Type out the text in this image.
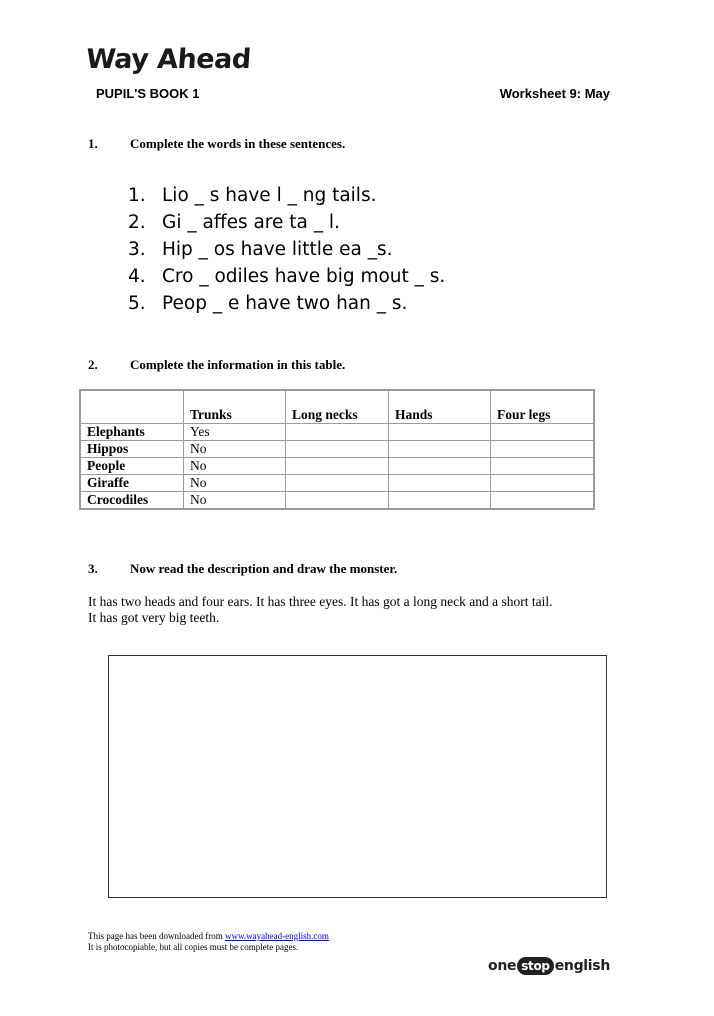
Way Ahead
PUPIL'S BOOK 1	Worksheet 9: May
1. Complete the words in these sentences.
1. Lio _ s have l _ ng tails.
2. Gi _ affes are ta _ l.
3. Hip _ os have little ea _s.
4. Cro _ odiles have big mout _ s.
5. Peop _ e have two han _ s.
2. Complete the information in this table.
	Trunks	Long necks	Hands	Four legs
Elephants	Yes			
Hippos	No			
People	No			
Giraffe	No			
Crocodiles	No			
3. Now read the description and draw the monster.
It has two heads and four ears. It has three eyes. It has got a long neck and a short tail.
It has got very big teeth.
This page has been downloaded from www.wayahead-english.com
It is photocopiable, but all copies must be complete pages.
one stop english
